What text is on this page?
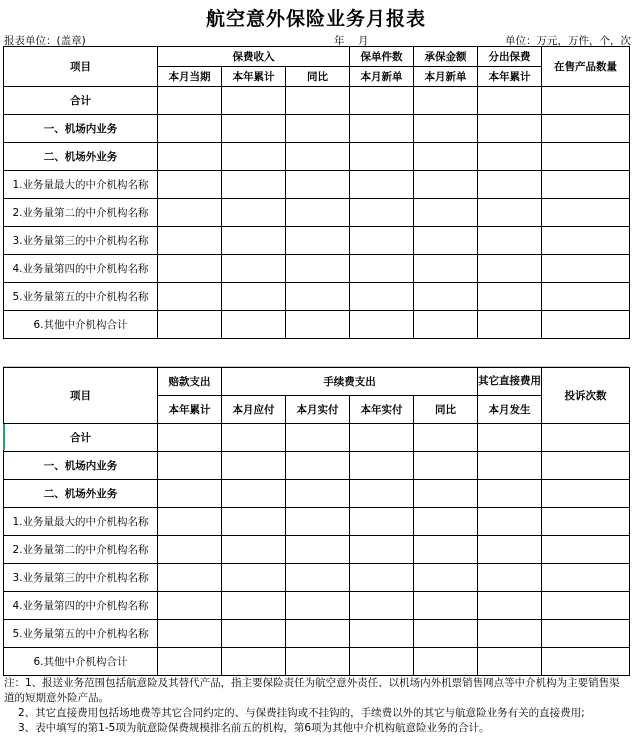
航空意外保险业务月报表
报表单位：(盖章)	年 月	单位：万元，万件，个，次
项目	保费收入			保单件数	承保金额	分出保费	在售产品数量
	本月当期	本年累计	同比	本月新单	本月新单	本年累计	
合计							
一、机场内业务							
二、机场外业务							
1.业务量最大的中介机构名称							
2.业务量第二的中介机构名称							
3.业务量第三的中介机构名称							
4.业务量第四的中介机构名称							
5.业务量第五的中介机构名称							
6.其他中介机构合计							
项目	赔款支出	手续费支出				其它直接费用	投诉次数
	本年累计	本月应付	本月实付	本年实付	同比	本月发生	
合计							
一、机场内业务							
二、机场外业务							
1.业务量最大的中介机构名称							
2.业务量第二的中介机构名称							
3.业务量第三的中介机构名称							
4.业务量第四的中介机构名称							
5.业务量第五的中介机构名称							
6.其他中介机构合计							

注：1、报送业务范围包括航意险及其替代产品，指主要保险责任为航空意外责任、以机场内外机票销售网点等中介机构为主要销售渠道的短期意外险产品。

2、其它直接费用包括场地费等其它合同约定的、与保费挂钩或不挂钩的，手续费以外的其它与航意险业务有关的直接费用;

3、表中填写的第1-5项为航意险保费规模排名前五的机构，第6项为其他中介机构航意险业务的合计。
